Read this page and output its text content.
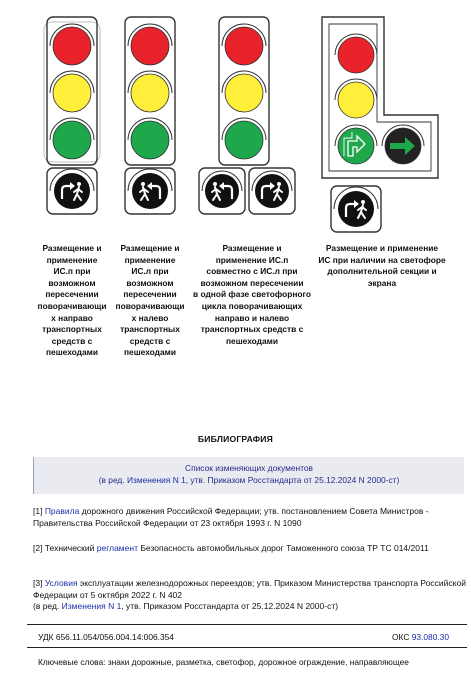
Размещение и
применение
ИС.п при
возможном
пересечении
поворачивающи
х направо
транспортных
средств с
пешеходами
Размещение и
применение
ИС.л при
возможном
пересечении
поворачивающи
х налево
транспортных
средств с
пешеходами
Размещение и
применение ИС.п
совместно с ИС.л при
возможном пересечении
в одной фазе светофорного
цикла поворачивающих
направо и налево
транспортных средств с
пешеходами
Размещение и применение
ИС при наличии на светофоре
дополнительной секции и
экрана
БИБЛИОГРАФИЯ
Список изменяющих документов
(в ред. Изменения N 1, утв. Приказом Росстандарта от 25.12.2024 N 2000-ст)
[1] Правила дорожного движения Российской Федерации; утв. постановлением Совета Министров - Правительства Российской Федерации от 23 октября 1993 г. N 1090
[2] Технический регламент Безопасность автомобильных дорог Таможенного союза ТР ТС 014/2011
[3] Условия эксплуатации железнодорожных переездов; утв. Приказом Министерства транспорта Российской Федерации от 5 октября 2022 г. N 402
(в ред. Изменения N 1, утв. Приказом Росстандарта от 25.12.2024 N 2000-ст)
УДК 656.11.054/056.004.14:006.354	ОКС 93.080.30
Ключевые слова: знаки дорожные, разметка, светофор, дорожное ограждение, направляющее
